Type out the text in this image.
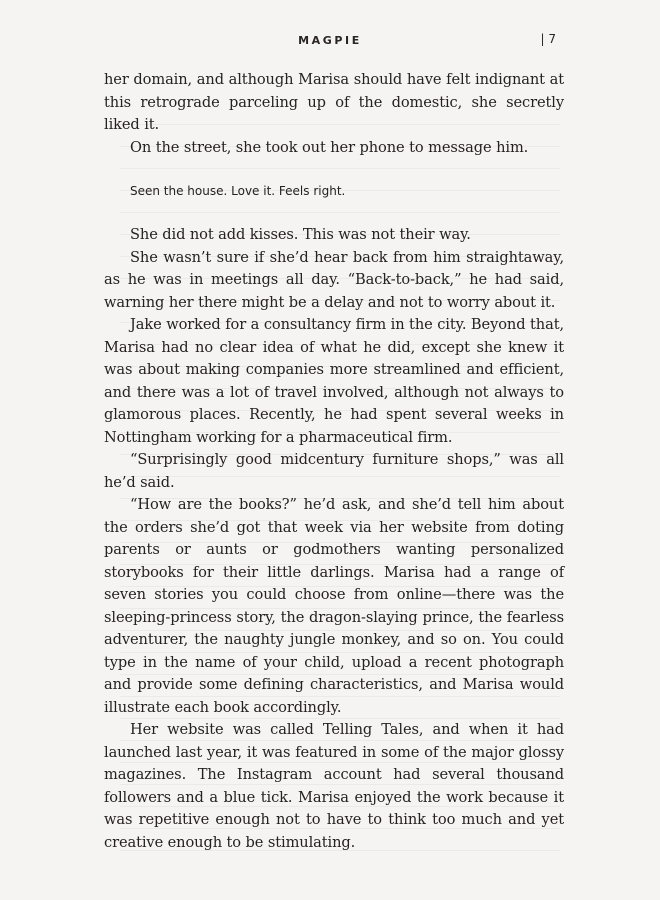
MAGPIE	| 7

her domain, and although Marisa should have felt indignant at this retrograde parceling up of the domestic, she secretly liked it.

On the street, she took out her phone to message him.

Seen the house. Love it. Feels right.

She did not add kisses. This was not their way.

She wasn’t sure if she’d hear back from him straightaway, as he was in meetings all day. “Back-to-back,” he had said, warning her there might be a delay and not to worry about it.

Jake worked for a consultancy firm in the city. Beyond that, Marisa had no clear idea of what he did, except she knew it was about making companies more streamlined and efficient, and there was a lot of travel involved, although not always to glamorous places. Recently, he had spent several weeks in Nottingham working for a pharmaceutical firm.

“Surprisingly good midcentury furniture shops,” was all he’d said.

“How are the books?” he’d ask, and she’d tell him about the orders she’d got that week via her website from doting parents or aunts or godmothers wanting personalized storybooks for their little darlings. Marisa had a range of seven stories you could choose from online—there was the sleeping-princess story, the dragon-slaying prince, the fearless adventurer, the naughty jungle monkey, and so on. You could type in the name of your child, upload a recent photograph and provide some defining characteristics, and Marisa would illustrate each book accordingly.

Her website was called Telling Tales, and when it had launched last year, it was featured in some of the major glossy magazines. The Instagram account had several thousand followers and a blue tick. Marisa enjoyed the work because it was repetitive enough not to have to think too much and yet creative enough to be stimulating.
